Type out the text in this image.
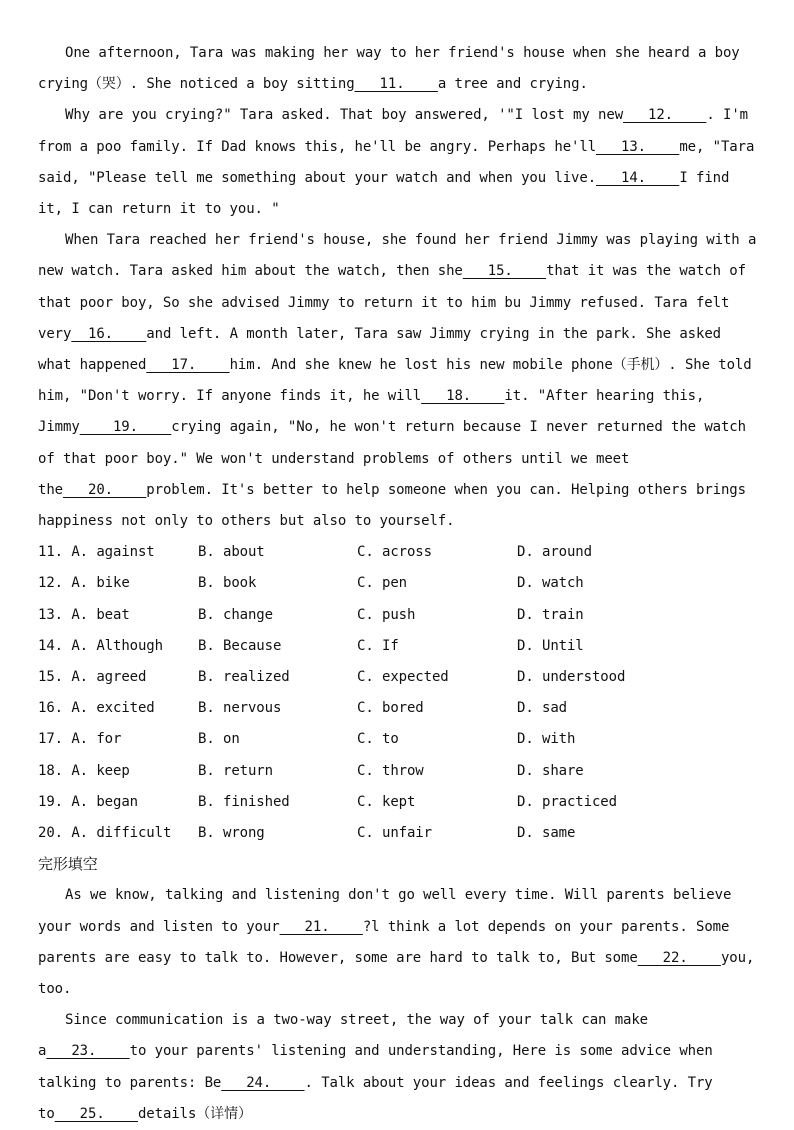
One afternoon, Tara was making her way to her friend's house when she heard a boy crying（哭）. She noticed a boy sitting   11.    a tree and crying.

Why are you crying?" Tara asked. That boy answered, '"I lost my new   12.    . I'm from a poo family. If Dad knows this, he'll be angry. Perhaps he'll   13.    me, "Tara said, "Please tell me something about your watch and when you live.   14.    I find it, I can return it to you. "

When Tara reached her friend's house, she found her friend Jimmy was playing with a new watch. Tara asked him about the watch, then she   15.    that it was the watch of that poor boy, So she advised Jimmy to return it to him bu Jimmy refused. Tara felt very  16.    and left. A month later, Tara saw Jimmy crying in the park. She asked what happened   17.    him. And she knew he lost his new mobile phone（手机）. She told him, "Don't worry. If anyone finds it, he will   18.    it. "After hearing this, Jimmy    19.    crying again, "No, he won't return because I never returned the watch of that poor boy." We won't understand problems of others until we meet the   20.    problem. It's better to help someone when you can. Helping others brings happiness not only to others but also to yourself.

11. A. against	B. about	C. across	D. around
12. A. bike	B. book	C. pen	D. watch
13. A. beat	B. change	C. push	D. train
14. A. Although	B. Because	C. If	D. Until
15. A. agreed	B. realized	C. expected	D. understood
16. A. excited	B. nervous	C. bored	D. sad
17. A. for	B. on	C. to	D. with
18. A. keep	B. return	C. throw	D. share
19. A. began	B. finished	C. kept	D. practiced
20. A. difficult	B. wrong	C. unfair	D. same
完形填空

As we know, talking and listening don't go well every time. Will parents believe your words and listen to your   21.    ?l think a lot depends on your parents. Some parents are easy to talk to. However, some are hard to talk to, But some   22.    you, too.

Since communication is a two-way street, the way of your talk can make a   23.    to your parents' listening and understanding, Here is some advice when talking to parents: Be   24.    . Talk about your ideas and feelings clearly. Try to   25.    details（详情）
